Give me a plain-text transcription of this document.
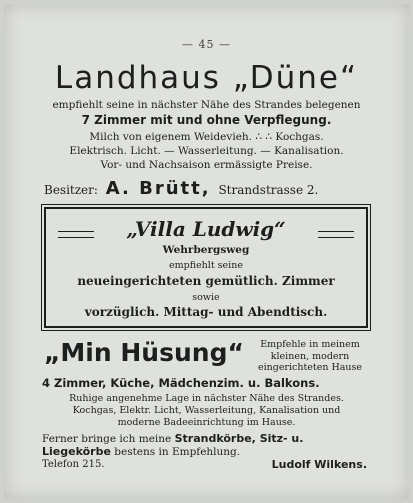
— 45 —
Landhaus „Düne“
empfiehlt seine in nächster Nähe des Strandes belegenen
7 Zimmer mit und ohne Verpflegung.
Milch von eigenem Weidevieh. ∴ ∴ Kochgas.
Elektrisch. Licht. — Wasserleitung. — Kanalisation.
Vor- und Nachsaison ermässigte Preise.
Besitzer: A. Brütt, Strandstrasse 2.
„Villa Ludwig“
Wehrbergsweg
empfiehlt seine
neueingerichteten gemütlich. Zimmer
sowie
vorzüglich. Mittag- und Abendtisch.
„Min Hüsung“	Empfehle in meinem kleinen, modern eingerichteten Hause
4 Zimmer, Küche, Mädchenzim. u. Balkons.
Ruhige angenehme Lage in nächster Nähe des Strandes.
Kochgas, Elektr. Licht, Wasserleitung, Kanalisation und
moderne Badeeinrichtung im Hause.
Ferner bringe ich meine Strandkörbe, Sitz- u.
Liegekörbe bestens in Empfehlung.
Telefon 215.	Ludolf Wilkens.
